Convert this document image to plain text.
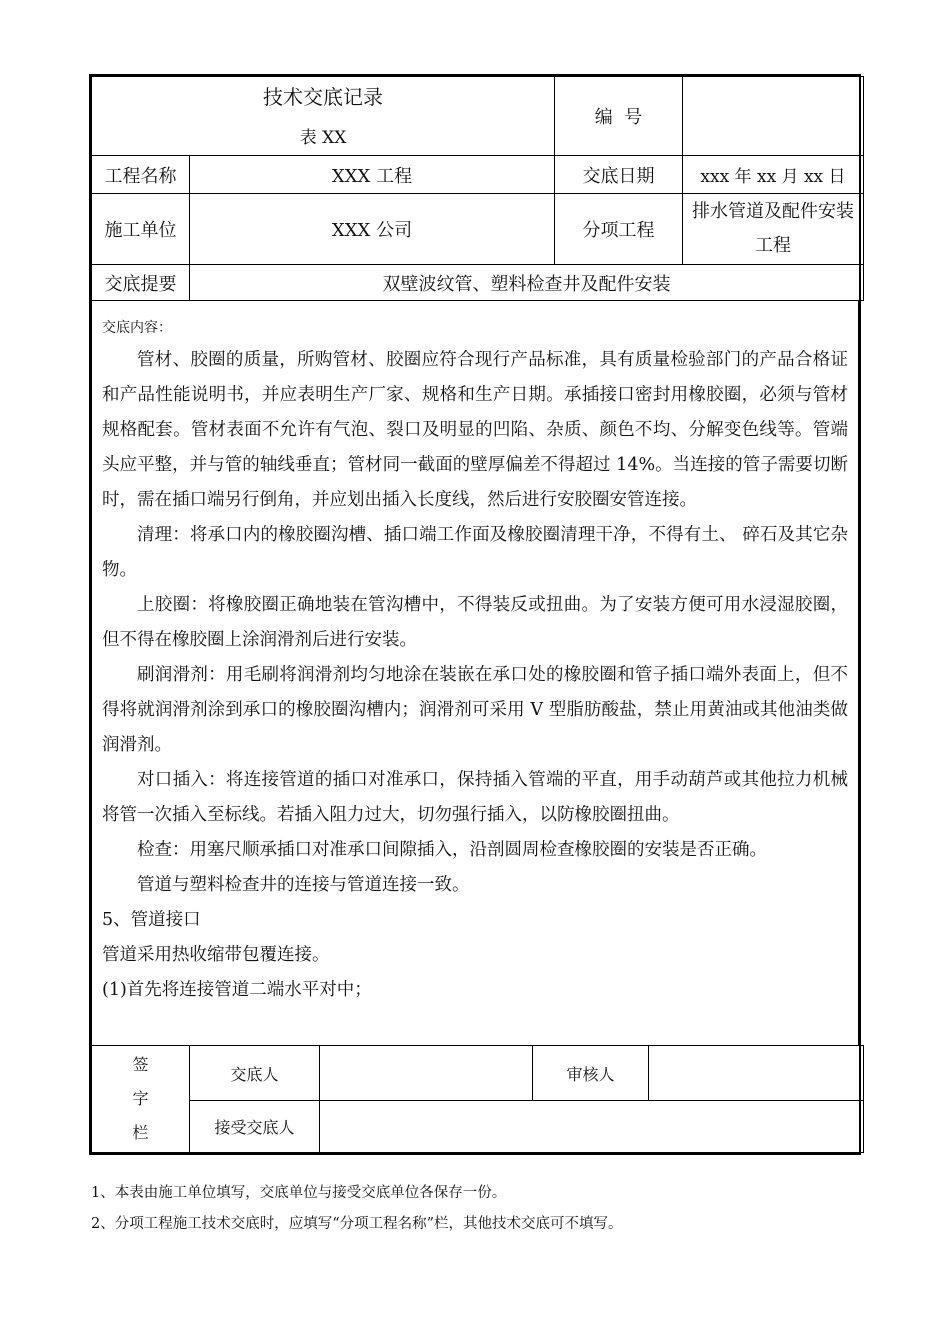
技术交底记录
表 XX		编  号	
工程名称	XXX 工程	交底日期	xxx 年 xx 月 xx 日
施工单位	XXX 公司	分项工程	排水管道及配件安装工程
交底提要	双壁波纹管、塑料检查井及配件安装		
交底内容：

管材、胶圈的质量，所购管材、胶圈应符合现行产品标准，具有质量检验部门的产品合格证和产品性能说明书，并应表明生产厂家、规格和生产日期。承插接口密封用橡胶圈，必须与管材规格配套。管材表面不允许有气泡、裂口及明显的凹陷、杂质、颜色不均、分解变色线等。管端头应平整，并与管的轴线垂直；管材同一截面的壁厚偏差不得超过 14%。当连接的管子需要切断时，需在插口端另行倒角，并应划出插入长度线，然后进行安胶圈安管连接。

清理：将承口内的橡胶圈沟槽、插口端工作面及橡胶圈清理干净，不得有土、 碎石及其它杂物。

上胶圈：将橡胶圈正确地装在管沟槽中，不得装反或扭曲。为了安装方便可用水浸湿胶圈，但不得在橡胶圈上涂润滑剂后进行安装。

刷润滑剂：用毛刷将润滑剂均匀地涂在装嵌在承口处的橡胶圈和管子插口端外表面上，但不得将就润滑剂涂到承口的橡胶圈沟槽内；润滑剂可采用 V 型脂肪酸盐，禁止用黄油或其他油类做润滑剂。

对口插入：将连接管道的插口对准承口，保持插入管端的平直，用手动葫芦或其他拉力机械将管一次插入至标线。若插入阻力过大，切勿强行插入，以防橡胶圈扭曲。

检查：用塞尺顺承插口对准承口间隙插入，沿剖圆周检查橡胶圈的安装是否正确。

管道与塑料检查井的连接与管道连接一致。

5、管道接口

管道采用热收缩带包覆连接。

(1)首先将连接管道二端水平对中；

签
字
栏	交底人		审核人	
	接受交底人			
1、本表由施工单位填写，交底单位与接受交底单位各保存一份。
2、分项工程施工技术交底时，应填写“分项工程名称”栏，其他技术交底可不填写。
